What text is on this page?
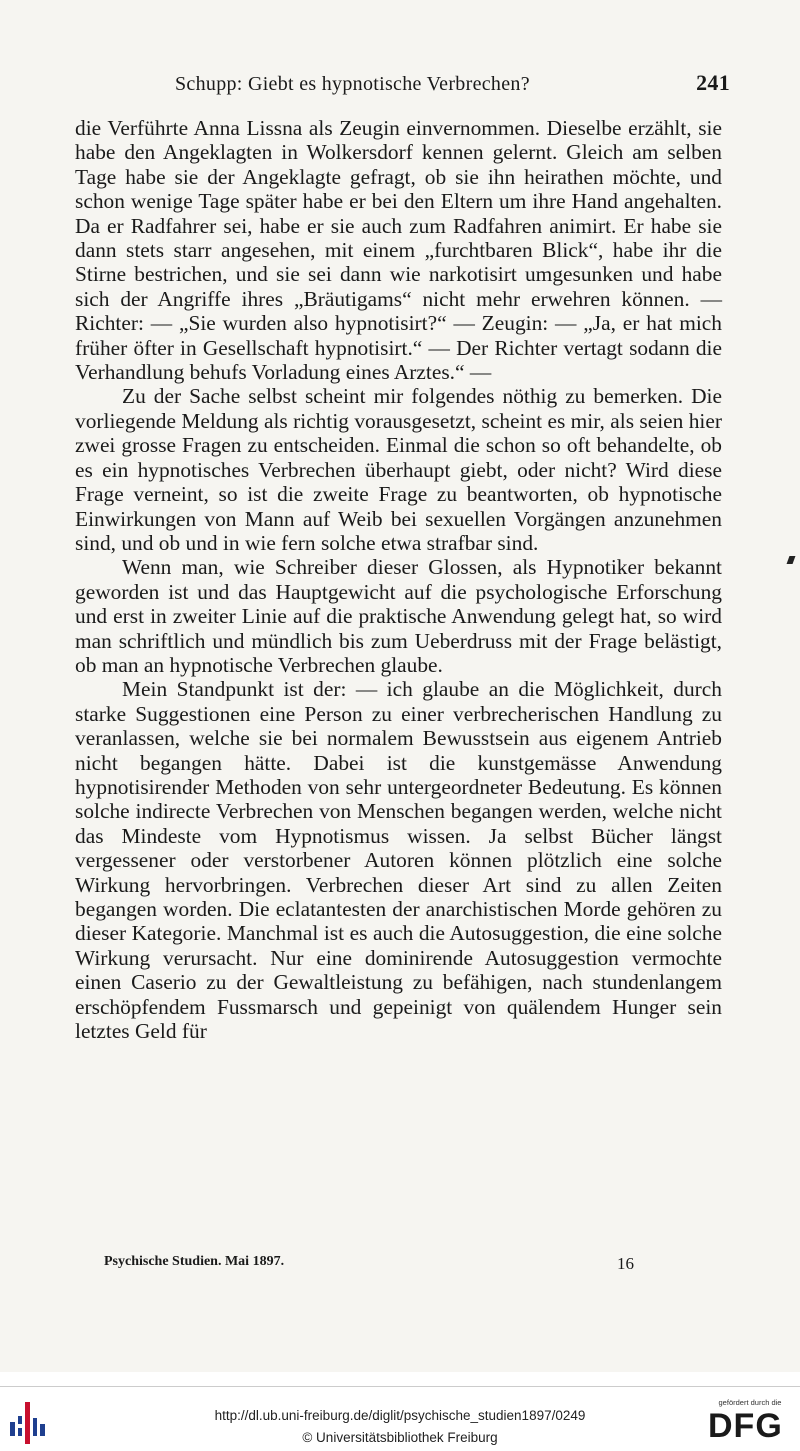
Schupp: Giebt es hypnotische Verbrechen?	241

die Verführte Anna Lissna als Zeugin einvernommen. Dieselbe erzählt, sie habe den Angeklagten in Wolkersdorf kennen gelernt. Gleich am selben Tage habe sie der Angeklagte gefragt, ob sie ihn heirathen möchte, und schon wenige Tage später habe er bei den Eltern um ihre Hand angehalten. Da er Radfahrer sei, habe er sie auch zum Radfahren animirt. Er habe sie dann stets starr angesehen, mit einem „furchtbaren Blick“, habe ihr die Stirne bestrichen, und sie sei dann wie narkotisirt umgesunken und habe sich der Angriffe ihres „Bräutigams“ nicht mehr erwehren können. — Richter: — „Sie wurden also hypnotisirt?“ — Zeugin: — „Ja, er hat mich früher öfter in Gesellschaft hypnotisirt.“ — Der Richter vertagt sodann die Verhandlung behufs Vorladung eines Arztes.“ —

Zu der Sache selbst scheint mir folgendes nöthig zu bemerken. Die vorliegende Meldung als richtig vorausgesetzt, scheint es mir, als seien hier zwei grosse Fragen zu entscheiden. Einmal die schon so oft behandelte, ob es ein hypnotisches Verbrechen überhaupt giebt, oder nicht? Wird diese Frage verneint, so ist die zweite Frage zu beantworten, ob hypnotische Einwirkungen von Mann auf Weib bei sexuellen Vorgängen anzunehmen sind, und ob und in wie fern solche etwa strafbar sind.

Wenn man, wie Schreiber dieser Glossen, als Hypnotiker bekannt geworden ist und das Hauptgewicht auf die psychologische Erforschung und erst in zweiter Linie auf die praktische Anwendung gelegt hat, so wird man schriftlich und mündlich bis zum Ueberdruss mit der Frage belästigt, ob man an hypnotische Verbrechen glaube.

Mein Standpunkt ist der: — ich glaube an die Möglichkeit, durch starke Suggestionen eine Person zu einer verbrecherischen Handlung zu veranlassen, welche sie bei normalem Bewusstsein aus eigenem Antrieb nicht begangen hätte. Dabei ist die kunstgemässe Anwendung hypnotisirender Methoden von sehr untergeordneter Bedeutung. Es können solche indirecte Verbrechen von Menschen begangen werden, welche nicht das Mindeste vom Hypnotismus wissen. Ja selbst Bücher längst vergessener oder verstorbener Autoren können plötzlich eine solche Wirkung hervorbringen. Verbrechen dieser Art sind zu allen Zeiten begangen worden. Die eclatantesten der anarchistischen Morde gehören zu dieser Kategorie. Manchmal ist es auch die Autosuggestion, die eine solche Wirkung verursacht. Nur eine dominirende Autosuggestion vermochte einen Caserio zu der Gewaltleistung zu befähigen, nach stundenlangem erschöpfendem Fussmarsch und gepeinigt von quälendem Hunger sein letztes Geld für

Psychische Studien. Mai 1897.	16
http://dl.ub.uni-freiburg.de/diglit/psychische_studien1897/0249
© Universitätsbibliothek Freiburg
gefördert durch die
DFG
